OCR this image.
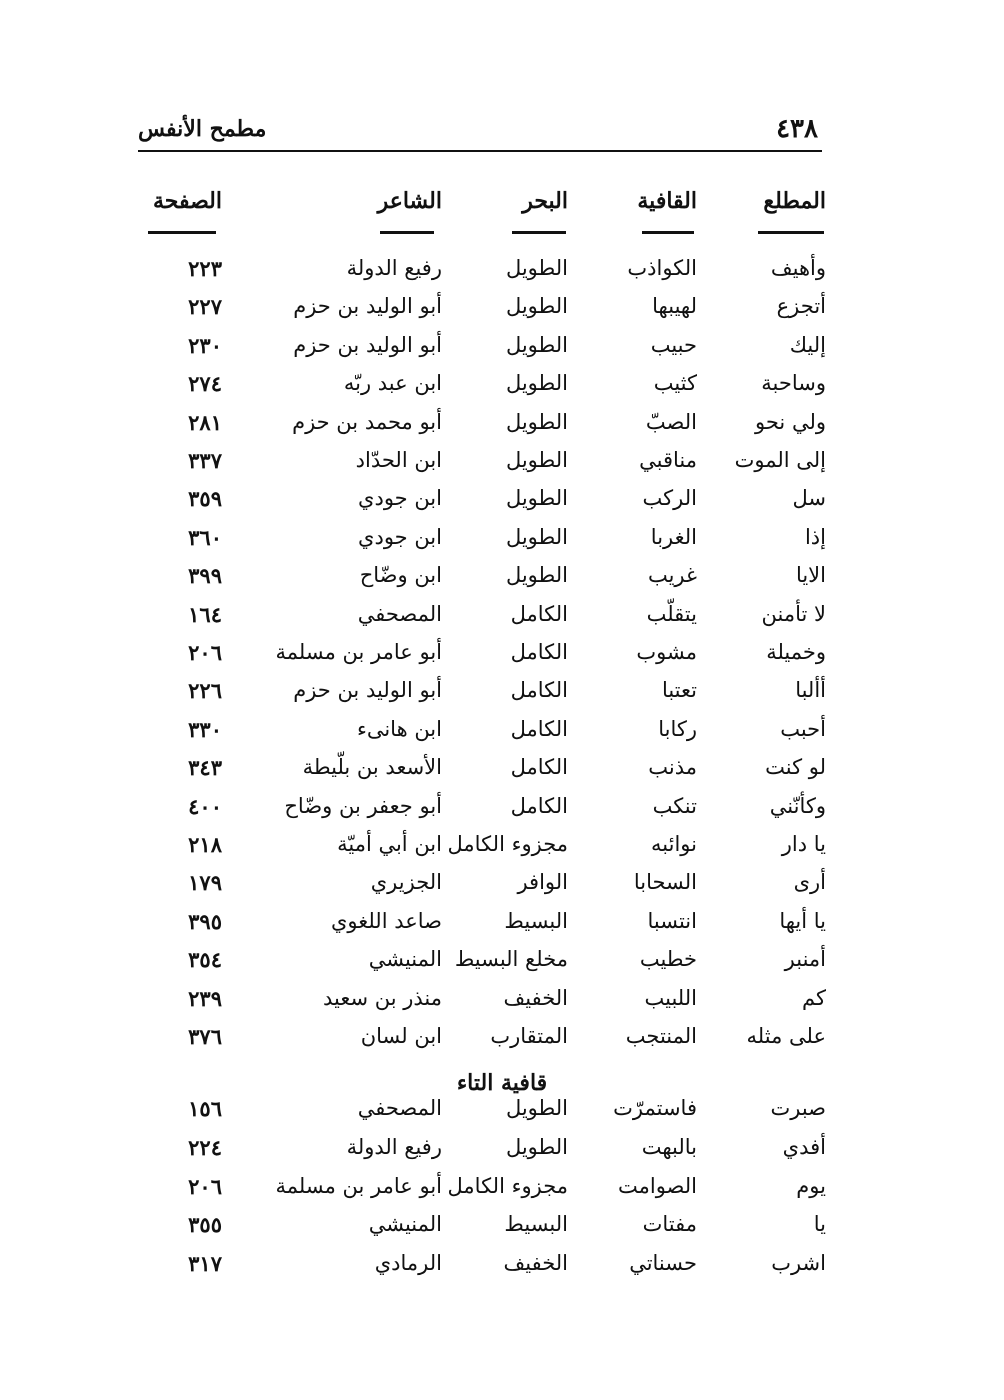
مطمح الأنفس	٤٣٨
المطلع
القافية
البحر
الشاعر
الصفحة
وأهيف
الكواذب
الطويل
رفيع الدولة
٢٢٣
أتجزع
لهيبها
الطويل
أبو الوليد بن حزم
٢٢٧
إليك
حبيب
الطويل
أبو الوليد بن حزم
٢٣٠
وساحبة
كثيب
الطويل
ابن عبد ربّه
٢٧٤
ولي نحو
الصبّ
الطويل
أبو محمد بن حزم
٢٨١
إلى الموت
مناقبي
الطويل
ابن الحدّاد
٣٣٧
سل
الركب
الطويل
ابن جودي
٣٥٩
إذا
الغربا
الطويل
ابن جودي
٣٦٠
الايا
غريب
الطويل
ابن وضّاح
٣٩٩
لا تأمنن
يتقلّب
الكامل
المصحفي
١٦٤
وخميلة
مشوب
الكامل
أبو عامر بن مسلمة
٢٠٦
أألبا
تعتبا
الكامل
أبو الوليد بن حزم
٢٢٦
أحبب
ركابا
الكامل
ابن هانىء
٣٣٠
لو كنت
مذنب
الكامل
الأسعد بن بلّيطة
٣٤٣
وكأنّني
تنكب
الكامل
أبو جعفر بن وضّاح
٤٠٠
يا دار
نوائبه
مجزوء الكامل
ابن أبي أميّة
٢١٨
أرى
السحابا
الوافر
الجزيري
١٧٩
يا أيها
انتسبا
البسيط
صاعد اللغوي
٣٩٥
أمنبر
خطيب
مخلع البسيط
المنيشي
٣٥٤
كم
اللبيب
الخفيف
منذر بن سعيد
٢٣٩
على مثله
المنتجب
المتقارب
ابن لسان
٣٧٦
قافية التاء
صبرت
فاستمرّت
الطويل
المصحفي
١٥٦
أفدي
بالبهت
الطويل
رفيع الدولة
٢٢٤
يوم
الصوامت
مجزوء الكامل
أبو عامر بن مسلمة
٢٠٦
يا
مفتات
البسيط
المنيشي
٣٥٥
اشرب
حسناتي
الخفيف
الرمادي
٣١٧
